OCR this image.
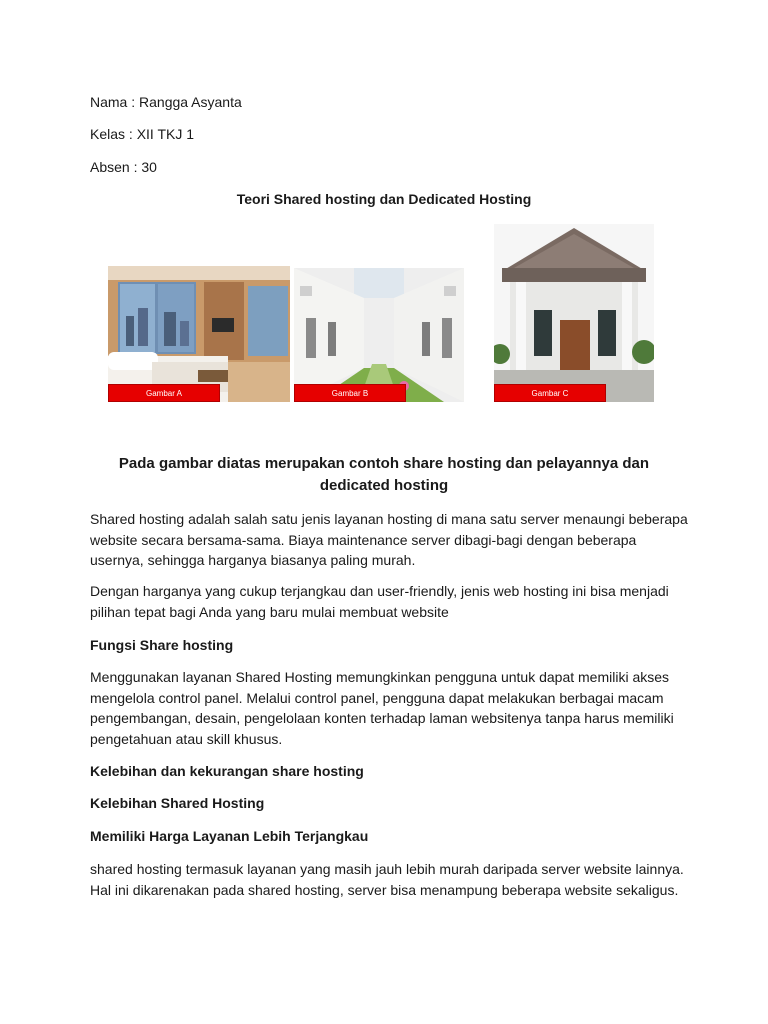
Nama : Rangga Asyanta

Kelas : XII TKJ 1

Absen : 30

Teori Shared hosting dan Dedicated Hosting

Gambar A	Gambar B	Gambar C

Pada gambar diatas merupakan contoh share hosting dan pelayannya dan dedicated hosting

Shared hosting adalah salah satu jenis layanan hosting di mana satu server menaungi beberapa website secara bersama-sama. Biaya maintenance server dibagi-bagi dengan beberapa usernya, sehingga harganya biasanya paling murah.

Dengan harganya yang cukup terjangkau dan user-friendly, jenis web hosting ini bisa menjadi pilihan tepat bagi Anda yang baru mulai membuat website

Fungsi Share hosting

Menggunakan layanan Shared Hosting memungkinkan pengguna untuk dapat memiliki akses mengelola control panel. Melalui control panel, pengguna dapat melakukan berbagai macam pengembangan, desain, pengelolaan konten terhadap laman websitenya tanpa harus memiliki pengetahuan atau skill khusus.

Kelebihan dan kekurangan share hosting

Kelebihan Shared Hosting

Memiliki Harga Layanan Lebih Terjangkau

shared hosting termasuk layanan yang masih jauh lebih murah daripada server website lainnya. Hal ini dikarenakan pada shared hosting, server bisa menampung beberapa website sekaligus.
